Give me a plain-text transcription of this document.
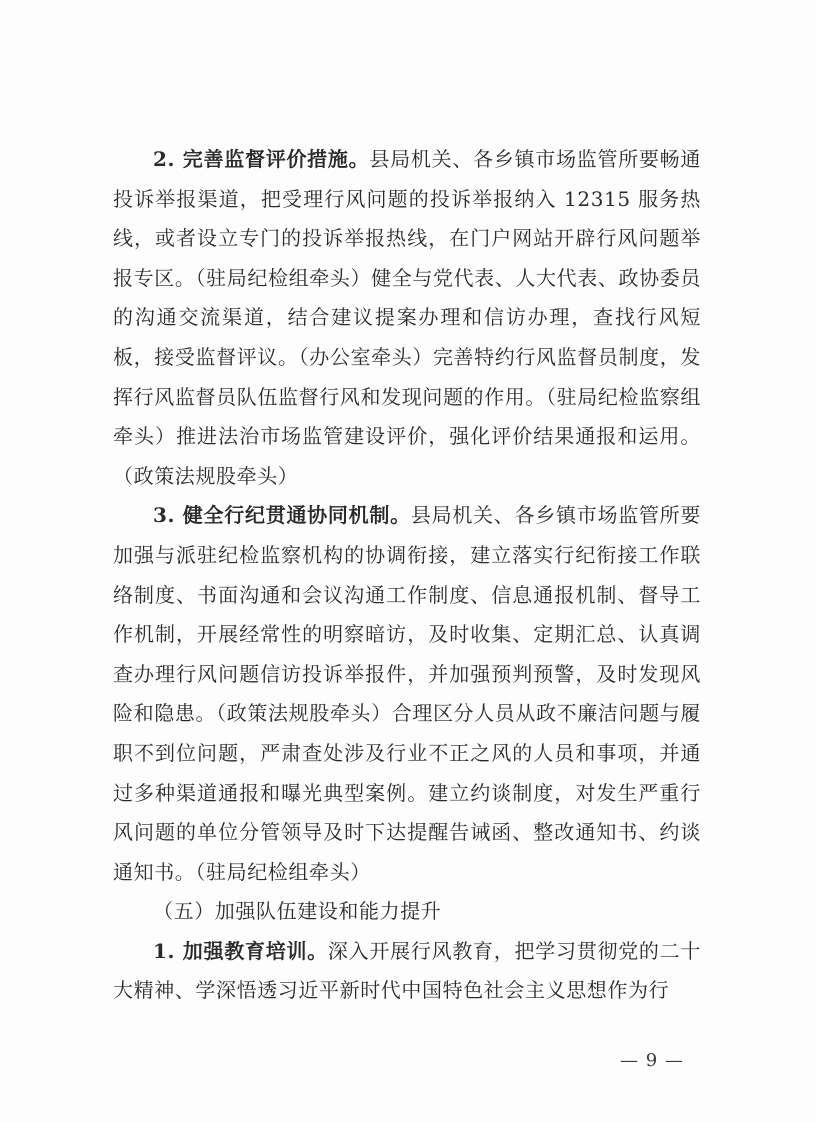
2. 完善监督评价措施。县局机关、各乡镇市场监管所要畅通投诉举报渠道，把受理行风问题的投诉举报纳入 12315 服务热线，或者设立专门的投诉举报热线，在门户网站开辟行风问题举报专区。（驻局纪检组牵头）健全与党代表、人大代表、政协委员的沟通交流渠道，结合建议提案办理和信访办理，查找行风短板，接受监督评议。（办公室牵头）完善特约行风监督员制度，发挥行风监督员队伍监督行风和发现问题的作用。（驻局纪检监察组牵头）推进法治市场监管建设评价，强化评价结果通报和运用。（政策法规股牵头）

3. 健全行纪贯通协同机制。县局机关、各乡镇市场监管所要加强与派驻纪检监察机构的协调衔接，建立落实行纪衔接工作联络制度、书面沟通和会议沟通工作制度、信息通报机制、督导工作机制，开展经常性的明察暗访，及时收集、定期汇总、认真调查办理行风问题信访投诉举报件，并加强预判预警，及时发现风险和隐患。（政策法规股牵头）合理区分人员从政不廉洁问题与履职不到位问题，严肃查处涉及行业不正之风的人员和事项，并通过多种渠道通报和曝光典型案例。建立约谈制度，对发生严重行风问题的单位分管领导及时下达提醒告诫函、整改通知书、约谈通知书。（驻局纪检组牵头）

（五）加强队伍建设和能力提升

1. 加强教育培训。深入开展行风教育，把学习贯彻党的二十大精神、学深悟透习近平新时代中国特色社会主义思想作为行

— 9 —
